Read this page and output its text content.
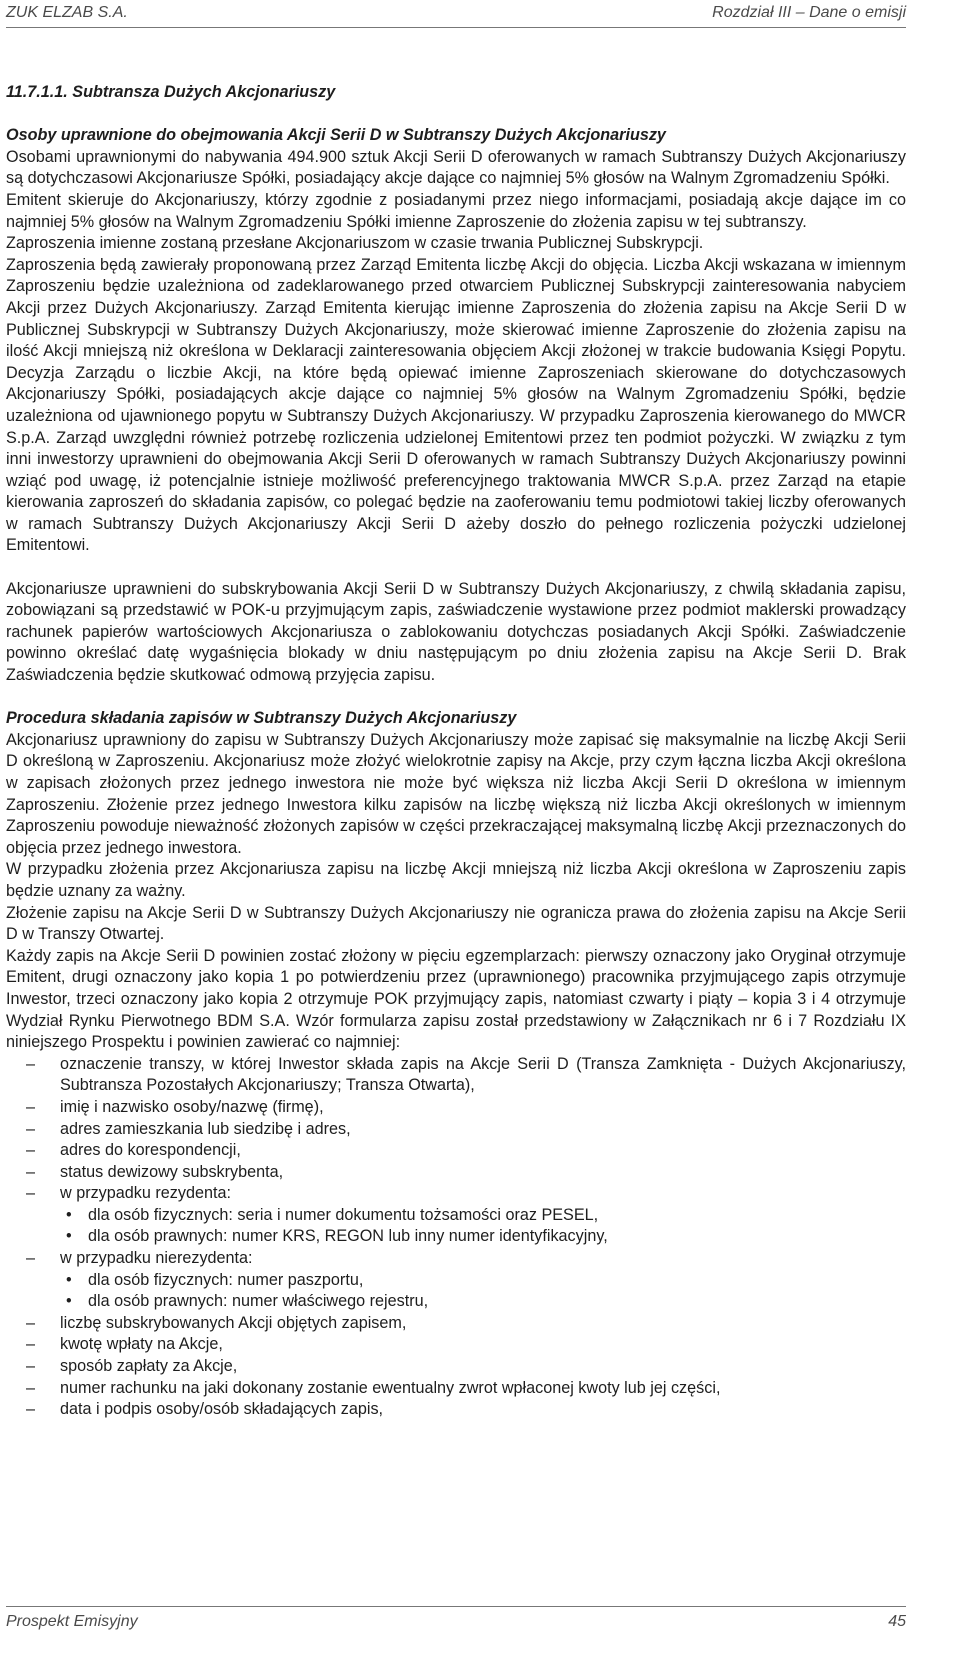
ZUK ELZAB S.A.	Rozdział III – Dane o emisji
11.7.1.1. Subtransza Dużych Akcjonariuszy

Osoby uprawnione do obejmowania Akcji Serii D w Subtranszy Dużych Akcjonariuszy

Osobami uprawnionymi do nabywania 494.900 sztuk Akcji Serii D oferowanych w ramach Subtranszy Dużych Akcjonariuszy są dotychczasowi Akcjonariusze Spółki, posiadający akcje dające co najmniej 5% głosów na Walnym Zgromadzeniu Spółki.

Emitent skieruje do Akcjonariuszy, którzy zgodnie z posiadanymi przez niego informacjami, posiadają akcje dające im co najmniej 5% głosów na Walnym Zgromadzeniu Spółki imienne Zaproszenie do złożenia zapisu w tej subtranszy.

Zaproszenia imienne zostaną przesłane Akcjonariuszom w czasie trwania Publicznej Subskrypcji.

Zaproszenia będą zawierały proponowaną przez Zarząd Emitenta liczbę Akcji do objęcia. Liczba Akcji wskazana w imiennym Zaproszeniu będzie uzależniona od zadeklarowanego przed otwarciem Publicznej Subskrypcji zainteresowania nabyciem Akcji przez Dużych Akcjonariuszy. Zarząd Emitenta kierując imienne Zaproszenia do złożenia zapisu na Akcje Serii D w Publicznej Subskrypcji w Subtranszy Dużych Akcjonariuszy, może skierować imienne Zaproszenie do złożenia zapisu na ilość Akcji mniejszą niż określona w Deklaracji zainteresowania objęciem Akcji złożonej w trakcie budowania Księgi Popytu. Decyzja Zarządu o liczbie Akcji, na które będą opiewać imienne Zaproszeniach skierowane do dotychczasowych Akcjonariuszy Spółki, posiadających akcje dające co najmniej 5% głosów na Walnym Zgromadzeniu Spółki, będzie uzależniona od ujawnionego popytu w Subtranszy Dużych Akcjonariuszy. W przypadku Zaproszenia kierowanego do MWCR S.p.A. Zarząd uwzględni również potrzebę rozliczenia udzielonej Emitentowi przez ten podmiot pożyczki. W związku z tym inni inwestorzy uprawnieni do obejmowania Akcji Serii D oferowanych w ramach Subtranszy Dużych Akcjonariuszy powinni wziąć pod uwagę, iż potencjalnie istnieje możliwość preferencyjnego traktowania MWCR S.p.A. przez Zarząd na etapie kierowania zaproszeń do składania zapisów, co polegać będzie na zaoferowaniu temu podmiotowi takiej liczby oferowanych w ramach Subtranszy Dużych Akcjonariuszy Akcji Serii D ażeby doszło do pełnego rozliczenia pożyczki udzielonej Emitentowi.

Akcjonariusze uprawnieni do subskrybowania Akcji Serii D w Subtranszy Dużych Akcjonariuszy, z chwilą składania zapisu, zobowiązani są przedstawić w POK-u przyjmującym zapis, zaświadczenie wystawione przez podmiot maklerski prowadzący rachunek papierów wartościowych Akcjonariusza o zablokowaniu dotychczas posiadanych Akcji Spółki. Zaświadczenie powinno określać datę wygaśnięcia blokady w dniu następującym po dniu złożenia zapisu na Akcje Serii D. Brak Zaświadczenia będzie skutkować odmową przyjęcia zapisu.

Procedura składania zapisów w Subtranszy Dużych Akcjonariuszy

Akcjonariusz uprawniony do zapisu w Subtranszy Dużych Akcjonariuszy może zapisać się maksymalnie na liczbę Akcji Serii D określoną w Zaproszeniu. Akcjonariusz może złożyć wielokrotnie zapisy na Akcje, przy czym łączna liczba Akcji określona w zapisach złożonych przez jednego inwestora nie może być większa niż liczba Akcji Serii D określona w imiennym Zaproszeniu. Złożenie przez jednego Inwestora kilku zapisów na liczbę większą niż liczba Akcji określonych w imiennym Zaproszeniu powoduje nieważność złożonych zapisów w części przekraczającej maksymalną liczbę Akcji przeznaczonych do objęcia przez jednego inwestora.

W przypadku złożenia przez Akcjonariusza zapisu na liczbę Akcji mniejszą niż liczba Akcji określona w Zaproszeniu zapis będzie uznany za ważny.

Złożenie zapisu na Akcje Serii D w Subtranszy Dużych Akcjonariuszy nie ogranicza prawa do złożenia zapisu na Akcje Serii D w Transzy Otwartej.

Każdy zapis na Akcje Serii D powinien zostać złożony w pięciu egzemplarzach: pierwszy oznaczony jako Oryginał otrzymuje Emitent, drugi oznaczony jako kopia 1 po potwierdzeniu przez (uprawnionego) pracownika przyjmującego zapis otrzymuje Inwestor, trzeci oznaczony jako kopia 2 otrzymuje POK przyjmujący zapis, natomiast czwarty i piąty – kopia 3 i 4 otrzymuje Wydział Rynku Pierwotnego BDM S.A. Wzór formularza zapisu został przedstawiony w Załącznikach nr 6 i 7 Rozdziału IX niniejszego Prospektu i powinien zawierać co najmniej:

– oznaczenie transzy, w której Inwestor składa zapis na Akcje Serii D (Transza Zamknięta - Dużych Akcjonariuszy, Subtransza Pozostałych Akcjonariuszy; Transza Otwarta),
– imię i nazwisko osoby/nazwę (firmę),
– adres zamieszkania lub siedzibę i adres,
– adres do korespondencji,
– status dewizowy subskrybenta,
– w przypadku rezydenta:
• dla osób fizycznych: seria i numer dokumentu tożsamości oraz PESEL,
• dla osób prawnych: numer KRS, REGON lub inny numer identyfikacyjny,
– w przypadku nierezydenta:
• dla osób fizycznych: numer paszportu,
• dla osób prawnych: numer właściwego rejestru,
– liczbę subskrybowanych Akcji objętych zapisem,
– kwotę wpłaty na Akcje,
– sposób zapłaty za Akcje,
– numer rachunku na jaki dokonany zostanie ewentualny zwrot wpłaconej kwoty lub jej części,
– data i podpis osoby/osób składających zapis,
Prospekt Emisyjny	45
